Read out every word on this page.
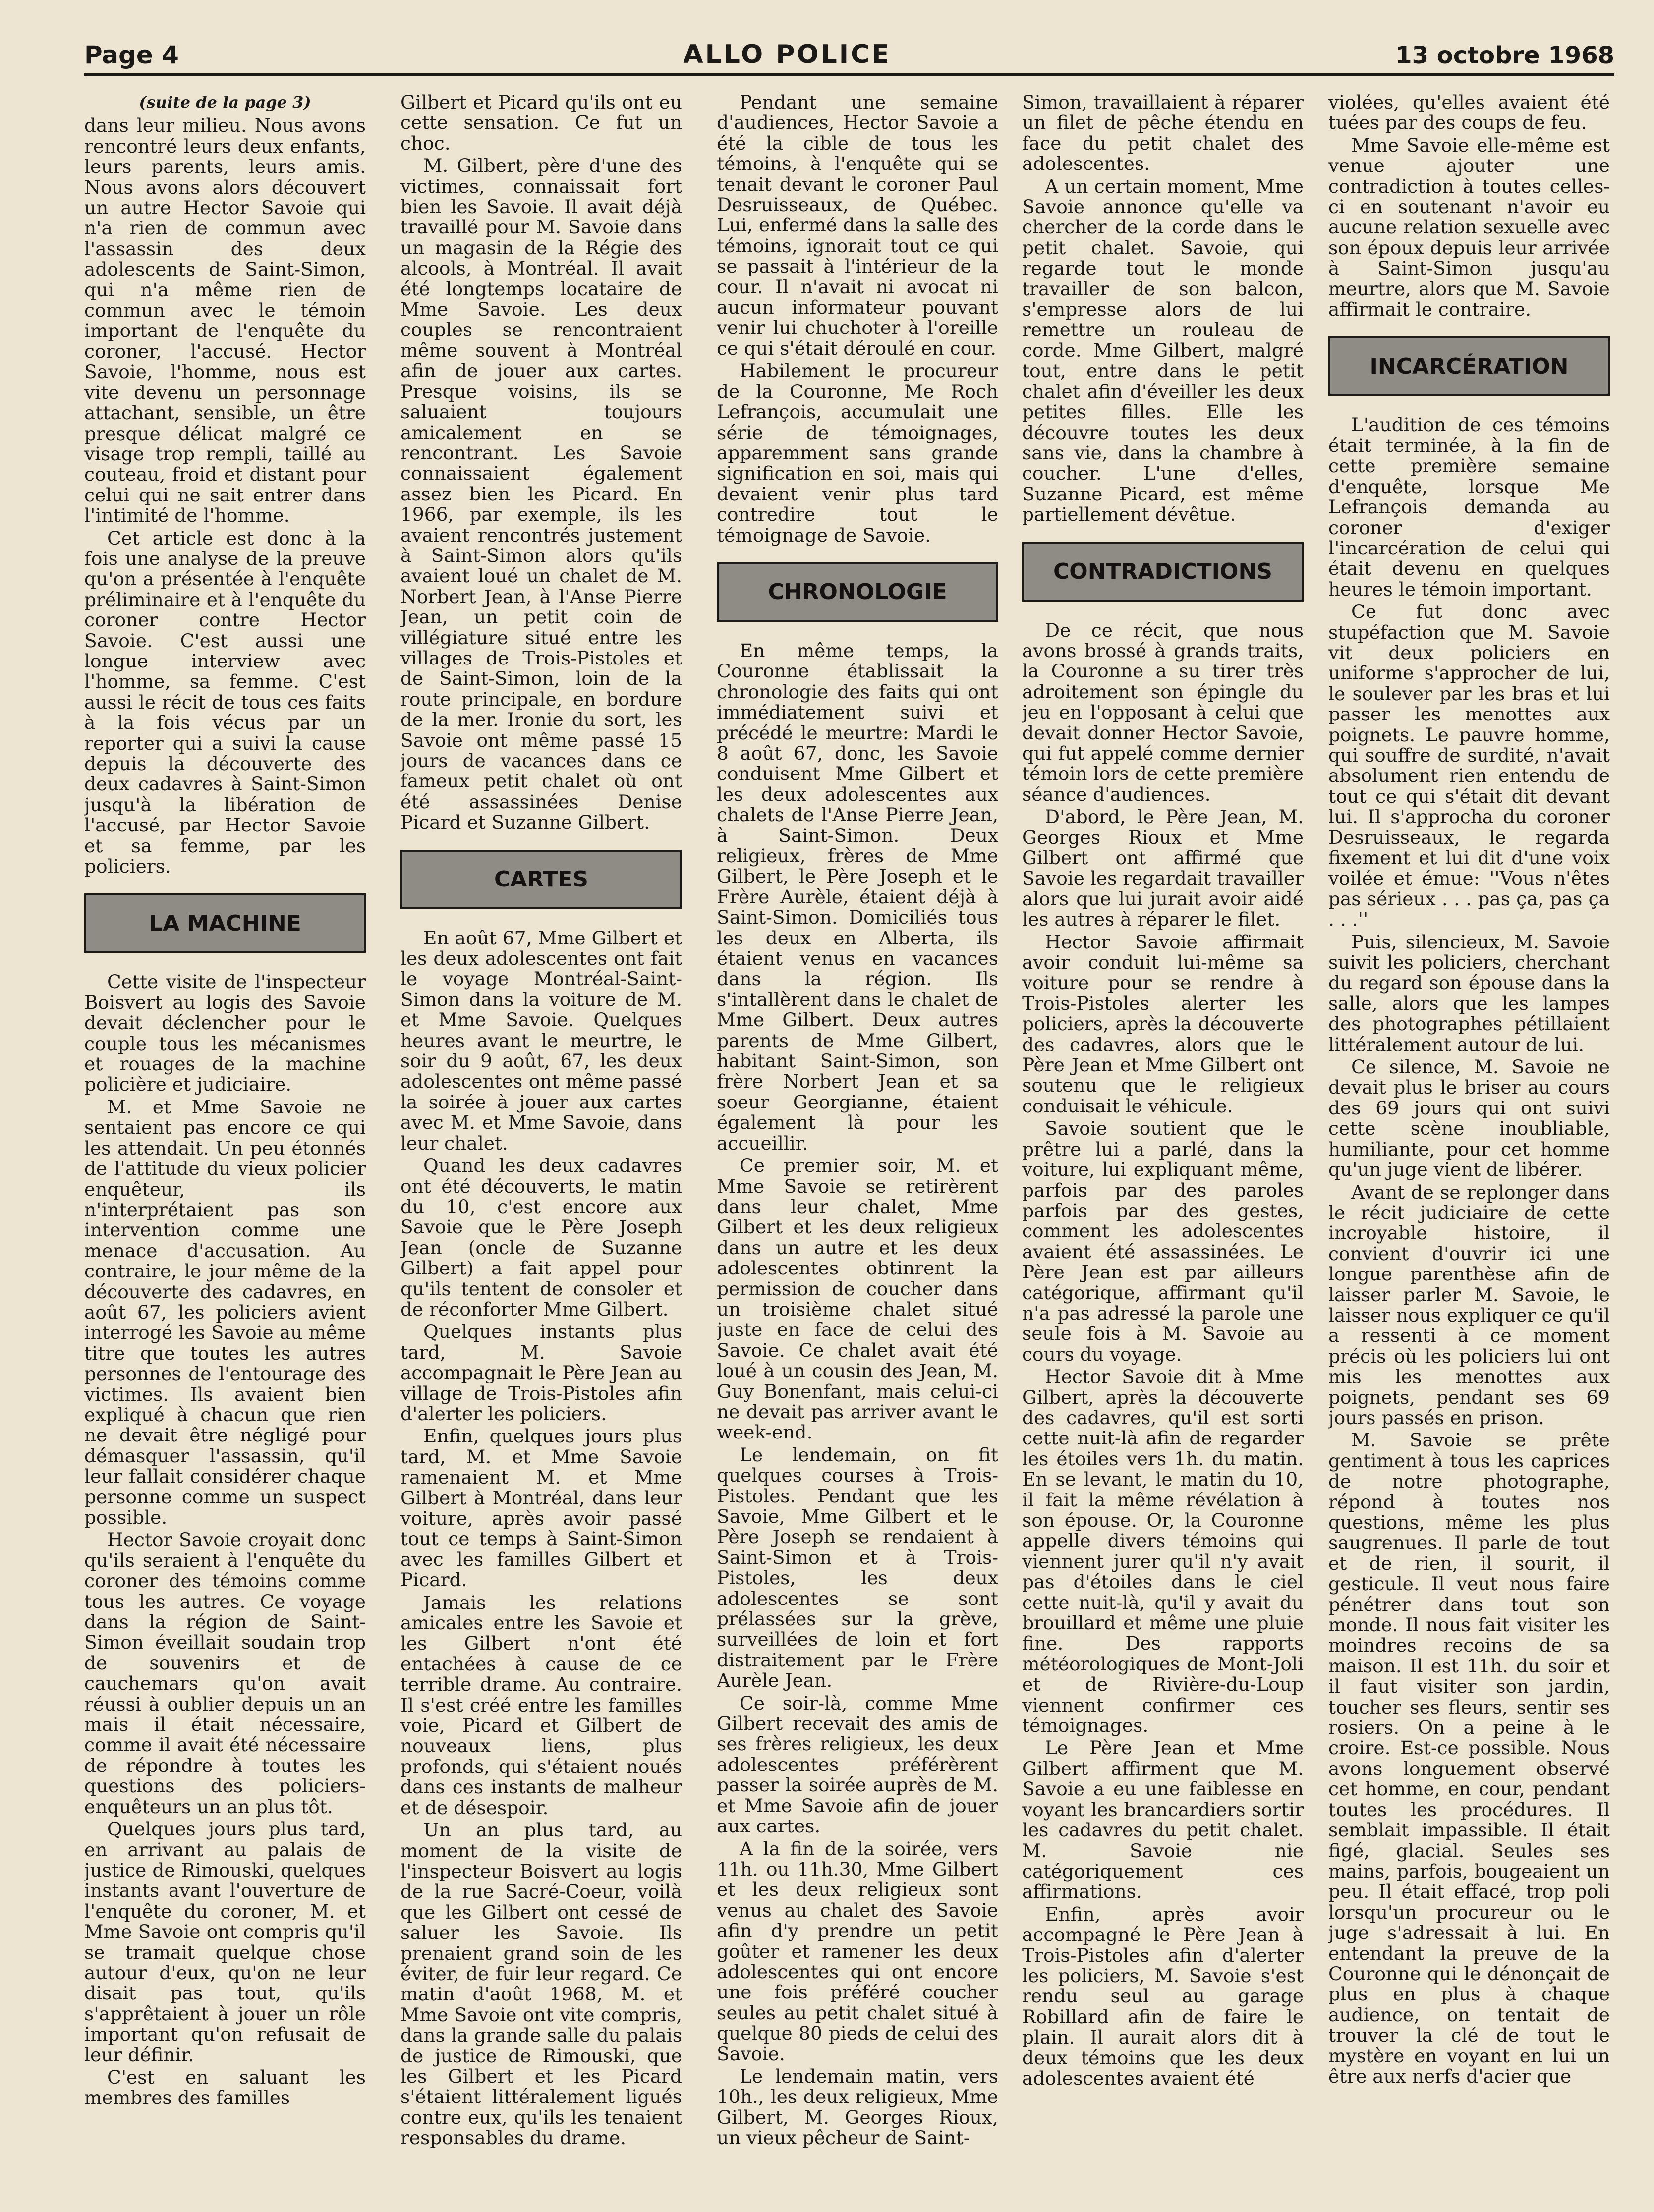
Page 4	ALLO POLICE	13 octobre 1968

(suite de la page 3)

dans leur milieu. Nous avons rencontré leurs deux enfants, leurs parents, leurs amis. Nous avons alors découvert un autre Hector Savoie qui n'a rien de commun avec l'assassin des deux adolescents de Saint-Simon, qui n'a même rien de commun avec le témoin important de l'enquête du coroner, l'accusé. Hector Savoie, l'homme, nous est vite devenu un personnage attachant, sensible, un être presque délicat malgré ce visage trop rempli, taillé au couteau, froid et distant pour celui qui ne sait entrer dans l'intimité de l'homme.

Cet article est donc à la fois une analyse de la preuve qu'on a présentée à l'enquête préliminaire et à l'enquête du coroner contre Hector Savoie. C'est aussi une longue interview avec l'homme, sa femme. C'est aussi le récit de tous ces faits à la fois vécus par un reporter qui a suivi la cause depuis la découverte des deux cadavres à Saint-Simon jusqu'à la libération de l'accusé, par Hector Savoie et sa femme, par les policiers.

LA MACHINE

Cette visite de l'inspecteur Boisvert au logis des Savoie devait déclencher pour le couple tous les mécanismes et rouages de la machine policière et judiciaire.

M. et Mme Savoie ne sentaient pas encore ce qui les attendait. Un peu étonnés de l'attitude du vieux policier enquêteur, ils n'interprétaient pas son intervention comme une menace d'accusation. Au contraire, le jour même de la découverte des cadavres, en août 67, les policiers avient interrogé les Savoie au même titre que toutes les autres personnes de l'entourage des victimes. Ils avaient bien expliqué à chacun que rien ne devait être négligé pour démasquer l'assassin, qu'il leur fallait considérer chaque personne comme un suspect possible.

Hector Savoie croyait donc qu'ils seraient à l'enquête du coroner des témoins comme tous les autres. Ce voyage dans la région de Saint-Simon éveillait soudain trop de souvenirs et de cauchemars qu'on avait réussi à oublier depuis un an mais il était nécessaire, comme il avait été nécessaire de répondre à toutes les questions des policiers-enquêteurs un an plus tôt.

Quelques jours plus tard, en arrivant au palais de justice de Rimouski, quelques instants avant l'ouverture de l'enquête du coroner, M. et Mme Savoie ont compris qu'il se tramait quelque chose autour d'eux, qu'on ne leur disait pas tout, qu'ils s'apprêtaient à jouer un rôle important qu'on refusait de leur définir.

C'est en saluant les membres des familles

Gilbert et Picard qu'ils ont eu cette sensation. Ce fut un choc.

M. Gilbert, père d'une des victimes, connaissait fort bien les Savoie. Il avait déjà travaillé pour M. Savoie dans un magasin de la Régie des alcools, à Montréal. Il avait été longtemps locataire de Mme Savoie. Les deux couples se rencontraient même souvent à Montréal afin de jouer aux cartes. Presque voisins, ils se saluaient toujours amicalement en se rencontrant. Les Savoie connaissaient également assez bien les Picard. En 1966, par exemple, ils les avaient rencontrés justement à Saint-Simon alors qu'ils avaient loué un chalet de M. Norbert Jean, à l'Anse Pierre Jean, un petit coin de villégiature situé entre les villages de Trois-Pistoles et de Saint-Simon, loin de la route principale, en bordure de la mer. Ironie du sort, les Savoie ont même passé 15 jours de vacances dans ce fameux petit chalet où ont été assassinées Denise Picard et Suzanne Gilbert.

CARTES

En août 67, Mme Gilbert et les deux adolescentes ont fait le voyage Montréal-Saint-Simon dans la voiture de M. et Mme Savoie. Quelques heures avant le meurtre, le soir du 9 août, 67, les deux adolescentes ont même passé la soirée à jouer aux cartes avec M. et Mme Savoie, dans leur chalet.

Quand les deux cadavres ont été découverts, le matin du 10, c'est encore aux Savoie que le Père Joseph Jean (oncle de Suzanne Gilbert) a fait appel pour qu'ils tentent de consoler et de réconforter Mme Gilbert.

Quelques instants plus tard, M. Savoie accompagnait le Père Jean au village de Trois-Pistoles afin d'alerter les policiers.

Enfin, quelques jours plus tard, M. et Mme Savoie ramenaient M. et Mme Gilbert à Montréal, dans leur voiture, après avoir passé tout ce temps à Saint-Simon avec les familles Gilbert et Picard.

Jamais les relations amicales entre les Savoie et les Gilbert n'ont été entachées à cause de ce terrible drame. Au contraire. Il s'est créé entre les familles voie, Picard et Gilbert de nouveaux liens, plus profonds, qui s'étaient noués dans ces instants de malheur et de désespoir.

Un an plus tard, au moment de la visite de l'inspecteur Boisvert au logis de la rue Sacré-Coeur, voilà que les Gilbert ont cessé de saluer les Savoie. Ils prenaient grand soin de les éviter, de fuir leur regard. Ce matin d'août 1968, M. et Mme Savoie ont vite compris, dans la grande salle du palais de justice de Rimouski, que les Gilbert et les Picard s'étaient littéralement ligués contre eux, qu'ils les tenaient responsables du drame.

Pendant une semaine d'audiences, Hector Savoie a été la cible de tous les témoins, à l'enquête qui se tenait devant le coroner Paul Desruisseaux, de Québec. Lui, enfermé dans la salle des témoins, ignorait tout ce qui se passait à l'intérieur de la cour. Il n'avait ni avocat ni aucun informateur pouvant venir lui chuchoter à l'oreille ce qui s'était déroulé en cour.

Habilement le procureur de la Couronne, Me Roch Lefrançois, accumulait une série de témoignages, apparemment sans grande signification en soi, mais qui devaient venir plus tard contredire tout le témoignage de Savoie.

CHRONOLOGIE

En même temps, la Couronne établissait la chronologie des faits qui ont immédiatement suivi et précédé le meurtre: Mardi le 8 août 67, donc, les Savoie conduisent Mme Gilbert et les deux adolescentes aux chalets de l'Anse Pierre Jean, à Saint-Simon. Deux religieux, frères de Mme Gilbert, le Père Joseph et le Frère Aurèle, étaient déjà à Saint-Simon. Domiciliés tous les deux en Alberta, ils étaient venus en vacances dans la région. Ils s'intallèrent dans le chalet de Mme Gilbert. Deux autres parents de Mme Gilbert, habitant Saint-Simon, son frère Norbert Jean et sa soeur Georgianne, étaient également là pour les accueillir.

Ce premier soir, M. et Mme Savoie se retirèrent dans leur chalet, Mme Gilbert et les deux religieux dans un autre et les deux adolescentes obtinrent la permission de coucher dans un troisième chalet situé juste en face de celui des Savoie. Ce chalet avait été loué à un cousin des Jean, M. Guy Bonenfant, mais celui-ci ne devait pas arriver avant le week-end.

Le lendemain, on fit quelques courses à Trois-Pistoles. Pendant que les Savoie, Mme Gilbert et le Père Joseph se rendaient à Saint-Simon et à Trois-Pistoles, les deux adolescentes se sont prélassées sur la grève, surveillées de loin et fort distraitement par le Frère Aurèle Jean.

Ce soir-là, comme Mme Gilbert recevait des amis de ses frères religieux, les deux adolescentes préférèrent passer la soirée auprès de M. et Mme Savoie afin de jouer aux cartes.

A la fin de la soirée, vers 11h. ou 11h.30, Mme Gilbert et les deux religieux sont venus au chalet des Savoie afin d'y prendre un petit goûter et ramener les deux adolescentes qui ont encore une fois préféré coucher seules au petit chalet situé à quelque 80 pieds de celui des Savoie.

Le lendemain matin, vers 10h., les deux religieux, Mme Gilbert, M. Georges Rioux, un vieux pêcheur de Saint-

Simon, travaillaient à réparer un filet de pêche étendu en face du petit chalet des adolescentes.

A un certain moment, Mme Savoie annonce qu'elle va chercher de la corde dans le petit chalet. Savoie, qui regarde tout le monde travailler de son balcon, s'empresse alors de lui remettre un rouleau de corde. Mme Gilbert, malgré tout, entre dans le petit chalet afin d'éveiller les deux petites filles. Elle les découvre toutes les deux sans vie, dans la chambre à coucher. L'une d'elles, Suzanne Picard, est même partiellement dévêtue.

CONTRADICTIONS

De ce récit, que nous avons brossé à grands traits, la Couronne a su tirer très adroitement son épingle du jeu en l'opposant à celui que devait donner Hector Savoie, qui fut appelé comme dernier témoin lors de cette première séance d'audiences.

D'abord, le Père Jean, M. Georges Rioux et Mme Gilbert ont affirmé que Savoie les regardait travailler alors que lui jurait avoir aidé les autres à réparer le filet.

Hector Savoie affirmait avoir conduit lui-même sa voiture pour se rendre à Trois-Pistoles alerter les policiers, après la découverte des cadavres, alors que le Père Jean et Mme Gilbert ont soutenu que le religieux conduisait le véhicule.

Savoie soutient que le prêtre lui a parlé, dans la voiture, lui expliquant même, parfois par des paroles parfois par des gestes, comment les adolescentes avaient été assassinées. Le Père Jean est par ailleurs catégorique, affirmant qu'il n'a pas adressé la parole une seule fois à M. Savoie au cours du voyage.

Hector Savoie dit à Mme Gilbert, après la découverte des cadavres, qu'il est sorti cette nuit-là afin de regarder les étoiles vers 1h. du matin. En se levant, le matin du 10, il fait la même révélation à son épouse. Or, la Couronne appelle divers témoins qui viennent jurer qu'il n'y avait pas d'étoiles dans le ciel cette nuit-là, qu'il y avait du brouillard et même une pluie fine. Des rapports météorologiques de Mont-Joli et de Rivière-du-Loup viennent confirmer ces témoignages.

Le Père Jean et Mme Gilbert affirment que M. Savoie a eu une faiblesse en voyant les brancardiers sortir les cadavres du petit chalet. M. Savoie nie catégoriquement ces affirmations.

Enfin, après avoir accompagné le Père Jean à Trois-Pistoles afin d'alerter les policiers, M. Savoie s'est rendu seul au garage Robillard afin de faire le plain. Il aurait alors dit à deux témoins que les deux adolescentes avaient été

violées, qu'elles avaient été tuées par des coups de feu.

Mme Savoie elle-même est venue ajouter une contradiction à toutes celles-ci en soutenant n'avoir eu aucune relation sexuelle avec son époux depuis leur arrivée à Saint-Simon jusqu'au meurtre, alors que M. Savoie affirmait le contraire.

INCARCÉRATION

L'audition de ces témoins était terminée, à la fin de cette première semaine d'enquête, lorsque Me Lefrançois demanda au coroner d'exiger l'incarcération de celui qui était devenu en quelques heures le témoin important.

Ce fut donc avec stupéfaction que M. Savoie vit deux policiers en uniforme s'approcher de lui, le soulever par les bras et lui passer les menottes aux poignets. Le pauvre homme, qui souffre de surdité, n'avait absolument rien entendu de tout ce qui s'était dit devant lui. Il s'approcha du coroner Desruisseaux, le regarda fixement et lui dit d'une voix voilée et émue: ''Vous n'êtes pas sérieux . . . pas ça, pas ça . . .''

Puis, silencieux, M. Savoie suivit les policiers, cherchant du regard son épouse dans la salle, alors que les lampes des photographes pétillaient littéralement autour de lui.

Ce silence, M. Savoie ne devait plus le briser au cours des 69 jours qui ont suivi cette scène inoubliable, humiliante, pour cet homme qu'un juge vient de libérer.

Avant de se replonger dans le récit judiciaire de cette incroyable histoire, il convient d'ouvrir ici une longue parenthèse afin de laisser parler M. Savoie, le laisser nous expliquer ce qu'il a ressenti à ce moment précis où les policiers lui ont mis les menottes aux poignets, pendant ses 69 jours passés en prison.

M. Savoie se prête gentiment à tous les caprices de notre photographe, répond à toutes nos questions, même les plus saugrenues. Il parle de tout et de rien, il sourit, il gesticule. Il veut nous faire pénétrer dans tout son monde. Il nous fait visiter les moindres recoins de sa maison. Il est 11h. du soir et il faut visiter son jardin, toucher ses fleurs, sentir ses rosiers. On a peine à le croire. Est-ce possible. Nous avons longuement observé cet homme, en cour, pendant toutes les procédures. Il semblait impassible. Il était figé, glacial. Seules ses mains, parfois, bougeaient un peu. Il était effacé, trop poli lorsqu'un procureur ou le juge s'adressait à lui. En entendant la preuve de la Couronne qui le dénonçait de plus en plus à chaque audience, on tentait de trouver la clé de tout le mystère en voyant en lui un être aux nerfs d'acier que
